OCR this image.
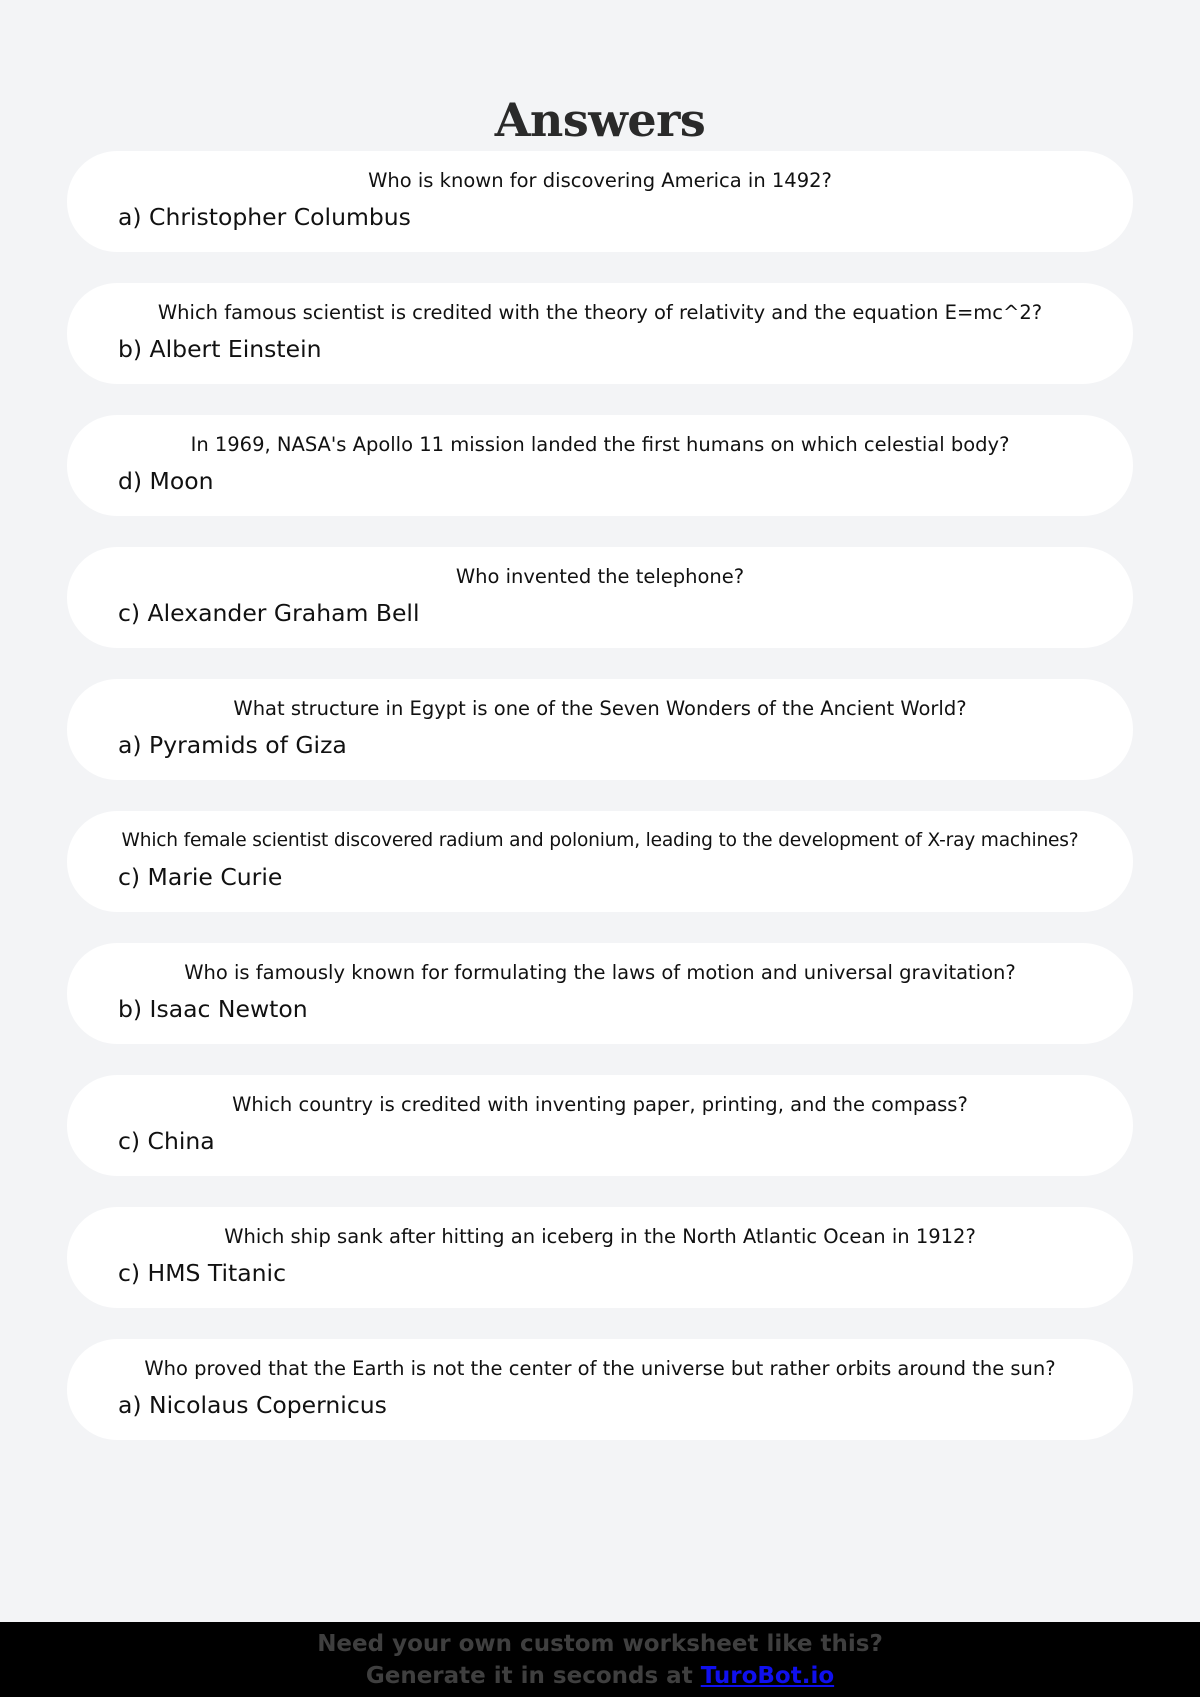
Answers
Who is known for discovering America in 1492?
a) Christopher Columbus
Which famous scientist is credited with the theory of relativity and the equation E=mc^2?
b) Albert Einstein
In 1969, NASA's Apollo 11 mission landed the first humans on which celestial body?
d) Moon
Who invented the telephone?
c) Alexander Graham Bell
What structure in Egypt is one of the Seven Wonders of the Ancient World?
a) Pyramids of Giza
Which female scientist discovered radium and polonium, leading to the development of X-ray machines?
c) Marie Curie
Who is famously known for formulating the laws of motion and universal gravitation?
b) Isaac Newton
Which country is credited with inventing paper, printing, and the compass?
c) China
Which ship sank after hitting an iceberg in the North Atlantic Ocean in 1912?
c) HMS Titanic
Who proved that the Earth is not the center of the universe but rather orbits around the sun?
a) Nicolaus Copernicus
Need your own custom worksheet like this?
Generate it in seconds at TuroBot.io
